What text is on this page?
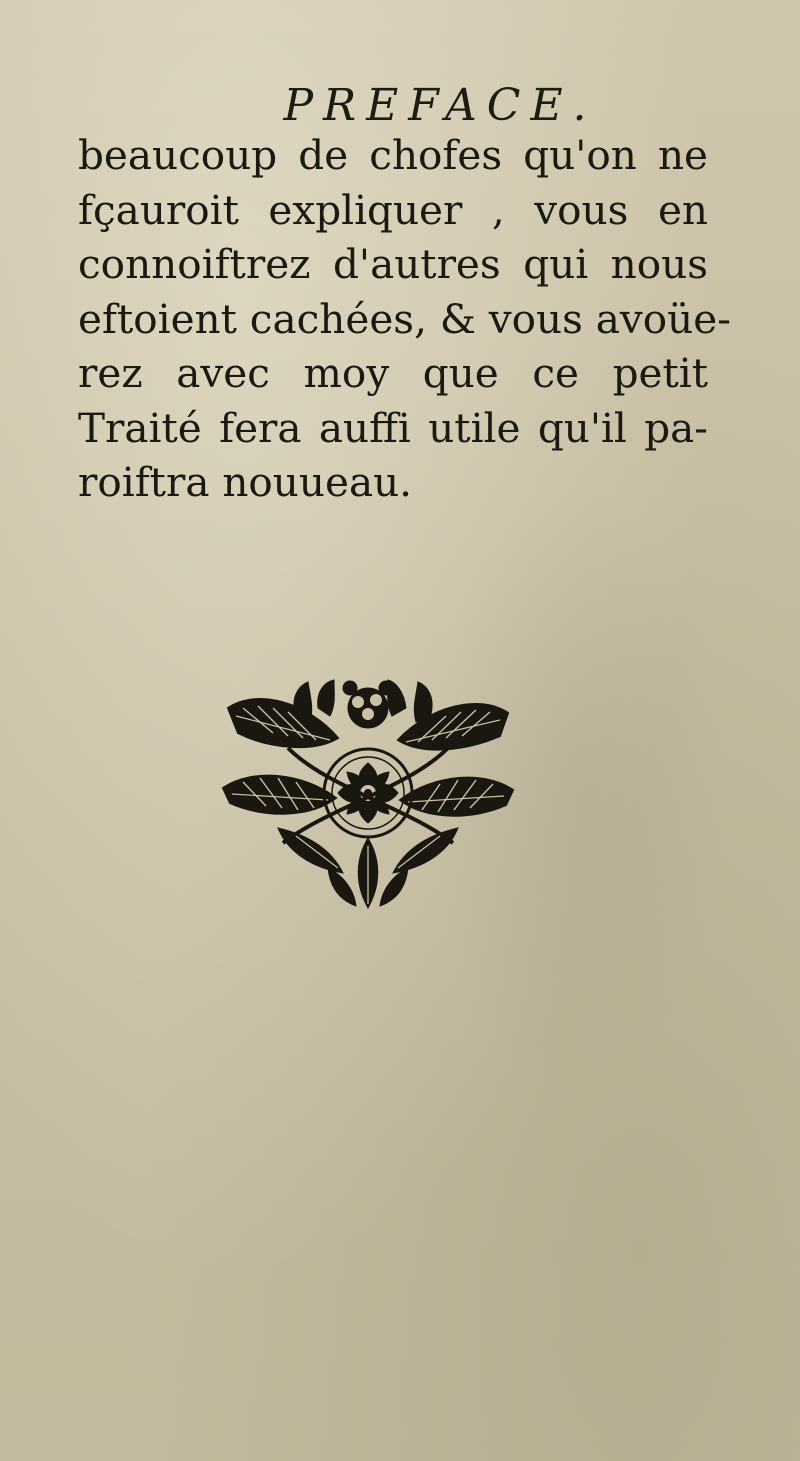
PREFACE.
beaucoup de chofes qu'on ne
fçauroit expliquer , vous en
connoiftrez d'autres qui nous
eftoient cachées, & vous avoüe-
rez avec moy que ce petit
Traité fera auffi utile qu'il pa-
roiftra nouueau.
